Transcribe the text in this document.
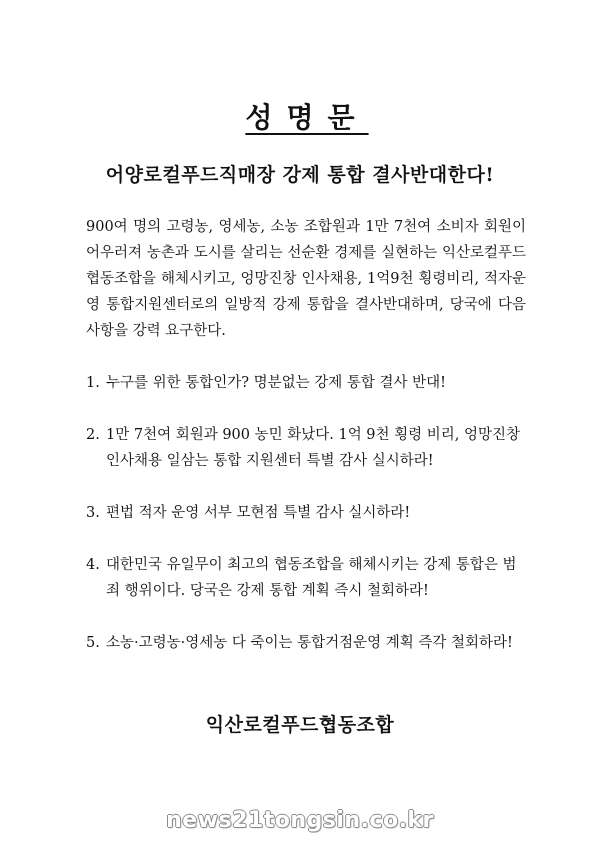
성명문
어양로컬푸드직매장 강제 통합 결사반대한다!

900여 명의 고령농, 영세농, 소농 조합원과 1만 7천여 소비자 회원이 어우러져 농촌과 도시를 살리는 선순환 경제를 실현하는 익산로컬푸드협동조합을 해체시키고, 엉망진창 인사채용, 1억9천 횡령비리, 적자운영 통합지원센터로의 일방적 강제 통합을 결사반대하며, 당국에 다음 사항을 강력 요구한다.

1. 누구를 위한 통합인가? 명분없는 강제 통합 결사 반대!
2. 1만 7천여 회원과 900 농민 화났다. 1억 9천 횡령 비리, 엉망진창 인사채용 일삼는 통합 지원센터 특별 감사 실시하라!
3. 편법 적자 운영 서부 모현점 특별 감사 실시하라!
4. 대한민국 유일무이 최고의 협동조합을 해체시키는 강제 통합은 범죄 행위이다. 당국은 강제 통합 계획 즉시 철회하라!
5. 소농·고령농·영세농 다 죽이는 통합거점운영 계획 즉각 철회하라!
익산로컬푸드협동조합
news21tongsin.co.kr
